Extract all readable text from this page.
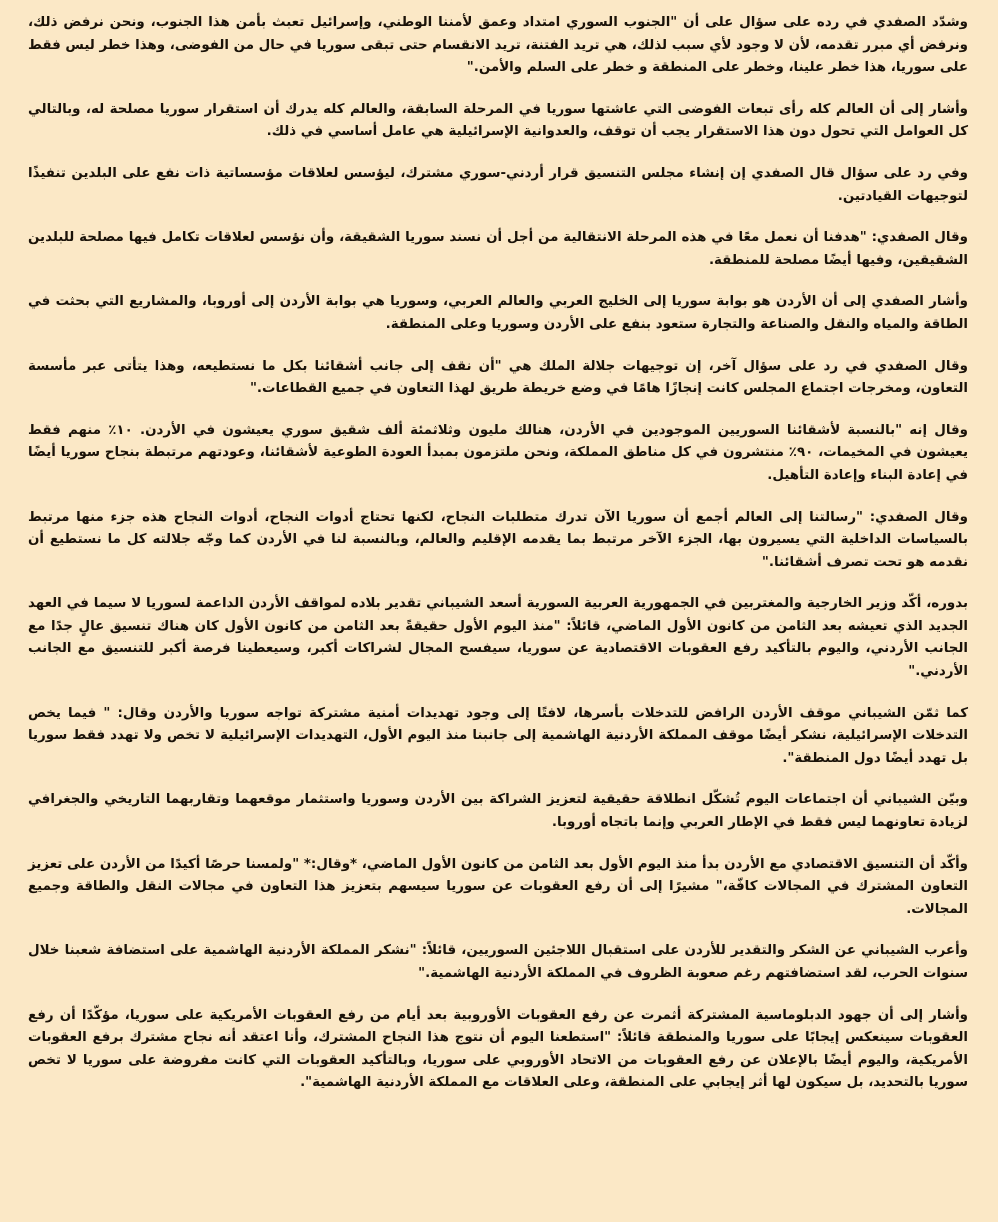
وشدّد الصفدي في رده على سؤال على أن "الجنوب السوري امتداد وعمق لأمننا الوطني، وإسرائيل تعبث بأمن هذا الجنوب، ونحن نرفض ذلك، ونرفض أي مبرر تقدمه، لأن لا وجود لأي سبب لذلك، هي تريد الفتنة، تريد الانقسام حتى تبقى سوريا في حال من الفوضى، وهذا خطر ليس فقط على سوريا، هذا خطر علينا، وخطر على المنطقة و خطر على السلم والأمن."

وأشار إلى أن العالم كله رأى تبعات الفوضى التي عاشتها سوريا في المرحلة السابقة، والعالم كله يدرك أن استقرار سوريا مصلحة له، وبالتالي كل العوامل التي تحول دون هذا الاستقرار يجب أن توقف، والعدوانية الإسرائيلية هي عامل أساسي في ذلك.

وفي رد على سؤال قال الصفدي إن إنشاء مجلس التنسيق قرار أردني-سوري مشترك، ليؤسس لعلاقات مؤسساتية ذات نفع على البلدين تنفيذًا لتوجيهات القيادتين.

وقال الصفدي: "هدفنا أن نعمل معًا في هذه المرحلة الانتقالية من أجل أن نسند سوريا الشقيقة، وأن نؤسس لعلاقات تكامل فيها مصلحة للبلدين الشقيقين، وفيها أيضًا مصلحة للمنطقة.

وأشار الصفدي إلى أن الأردن هو بوابة سوريا إلى الخليج العربي والعالم العربي، وسوريا هي بوابة الأردن إلى أوروبا، والمشاريع التي بحثت في الطاقة والمياه والنقل والصناعة والتجارة ستعود بنفع على الأردن وسوريا وعلى المنطقة.

وقال الصفدي في رد على سؤال آخر، إن توجيهات جلالة الملك هي "أن نقف إلى جانب أشقائنا بكل ما نستطيعه، وهذا يتأتى عبر مأسسة التعاون، ومخرجات اجتماع المجلس كانت إنجازًا هامًا في وضع خريطة طريق لهذا التعاون في جميع القطاعات."

وقال إنه "بالنسبة لأشقائنا السوريين الموجودين في الأردن، هنالك مليون وثلاثمئة ألف شقيق سوري يعيشون في الأردن. ١٠٪ منهم فقط يعيشون في المخيمات، ٩٠٪ منتشرون في كل مناطق المملكة، ونحن ملتزمون بمبدأ العودة الطوعية لأشقائنا، وعودتهم مرتبطة بنجاح سوريا أيضًا في إعادة البناء وإعادة التأهيل.

وقال الصفدي: "رسالتنا إلى العالم أجمع أن سوريا الآن تدرك متطلبات النجاح، لكنها تحتاج أدوات النجاح، أدوات النجاح هذه جزء منها مرتبط بالسياسات الداخلية التي يسيرون بها، الجزء الآخر مرتبط بما يقدمه الإقليم والعالم، وبالنسبة لنا في الأردن كما وجّه جلالته كل ما نستطيع أن نقدمه هو تحت تصرف أشقائنا."

بدوره، أكّد وزير الخارجية والمغتربين في الجمهورية العربية السورية أسعد الشيباني تقدير بلاده لمواقف الأردن الداعمة لسوريا لا سيما في العهد الجديد الذي تعيشه بعد الثامن من كانون الأول الماضي، قائلاً: "منذ اليوم الأول حقيقةً بعد الثامن من كانون الأول كان هناك تنسيق عالٍ جدًا مع الجانب الأردني، واليوم بالتأكيد رفع العقوبات الاقتصادية عن سوريا، سيفسح المجال لشراكات أكبر، وسيعطينا فرصة أكبر للتنسيق مع الجانب الأردني."

كما ثمّن الشيباني موقف الأردن الرافض للتدخلات بأسرها، لافتًا إلى وجود تهديدات أمنية مشتركة تواجه سوريا والأردن وقال: " فيما يخص التدخلات الإسرائيلية، نشكر أيضًا موقف المملكة الأردنية الهاشمية إلى جانبنا منذ اليوم الأول، التهديدات الإسرائيلية لا تخص ولا تهدد فقط سوريا بل تهدد أيضًا دول المنطقة".

وبيّن الشيباني أن اجتماعات اليوم تُشكّل انطلاقة حقيقية لتعزيز الشراكة بين الأردن وسوريا واستثمار موقعهما وتقاربهما التاريخي والجغرافي لزيادة تعاونهما ليس فقط في الإطار العربي وإنما باتجاه أوروبا.

وأكّد أن التنسيق الاقتصادي مع الأردن بدأ منذ اليوم الأول بعد الثامن من كانون الأول الماضي، *وقال:* "ولمسنا حرصًا أكيدًا من الأردن على تعزيز التعاون المشترك في المجالات كافّة،" مشيرًا إلى أن رفع العقوبات عن سوريا سيسهم بتعزيز هذا التعاون في مجالات النقل والطاقة وجميع المجالات.

وأعرب الشيباني عن الشكر والتقدير للأردن على استقبال اللاجئين السوريين، قائلاً: "نشكر المملكة الأردنية الهاشمية على استضافة شعبنا خلال سنوات الحرب، لقد استضافتهم رغم صعوبة الظروف في المملكة الأردنية الهاشمية."

وأشار إلى أن جهود الدبلوماسية المشتركة أثمرت عن رفع العقوبات الأوروبية بعد أيام من رفع العقوبات الأمريكية على سوريا، مؤكّدًا أن رفع العقوبات سينعكس إيجابًا على سوريا والمنطقة قائلاً: "استطعنا اليوم أن نتوج هذا النجاح المشترك، وأنا اعتقد أنه نجاح مشترك برفع العقوبات الأمريكية، واليوم أيضًا بالإعلان عن رفع العقوبات من الاتحاد الأوروبي على سوريا، وبالتأكيد العقوبات التي كانت مفروضة على سوريا لا تخص سوريا بالتحديد، بل سيكون لها أثر إيجابي على المنطقة، وعلى العلاقات مع المملكة الأردنية الهاشمية".
